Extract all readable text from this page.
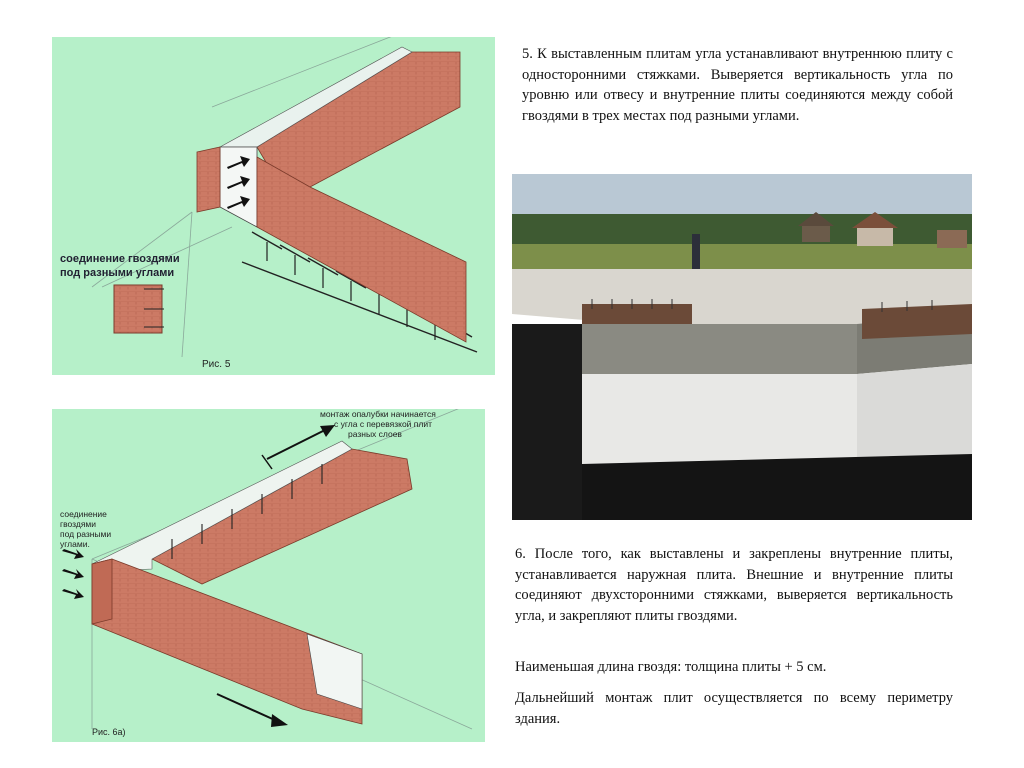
соединение гвоздями под разными углами
Рис. 5

5. К выставленным плитам угла устанавливают внутреннюю плиту с односторонними стяжками. Выверяется вертикальность угла по уровню или отвесу и внутренние плиты соединяются между собой гвоздями в трех местах под разными углами.

монтаж опалубки начинается с угла с перевязкой плит разных слоев
соединение гвоздями под разными углами.
Рис. 6а)

6. После того, как выставлены и закреплены внутренние плиты, устанавливается наружная плита. Внешние и внутренние плиты соединяют двухсторонними стяжками, выверяется вертикальность угла, и закрепляют плиты гвоздями.

Наименьшая длина гвоздя: толщина плиты + 5 см.

Дальнейший монтаж плит осуществляется по всему периметру здания.
